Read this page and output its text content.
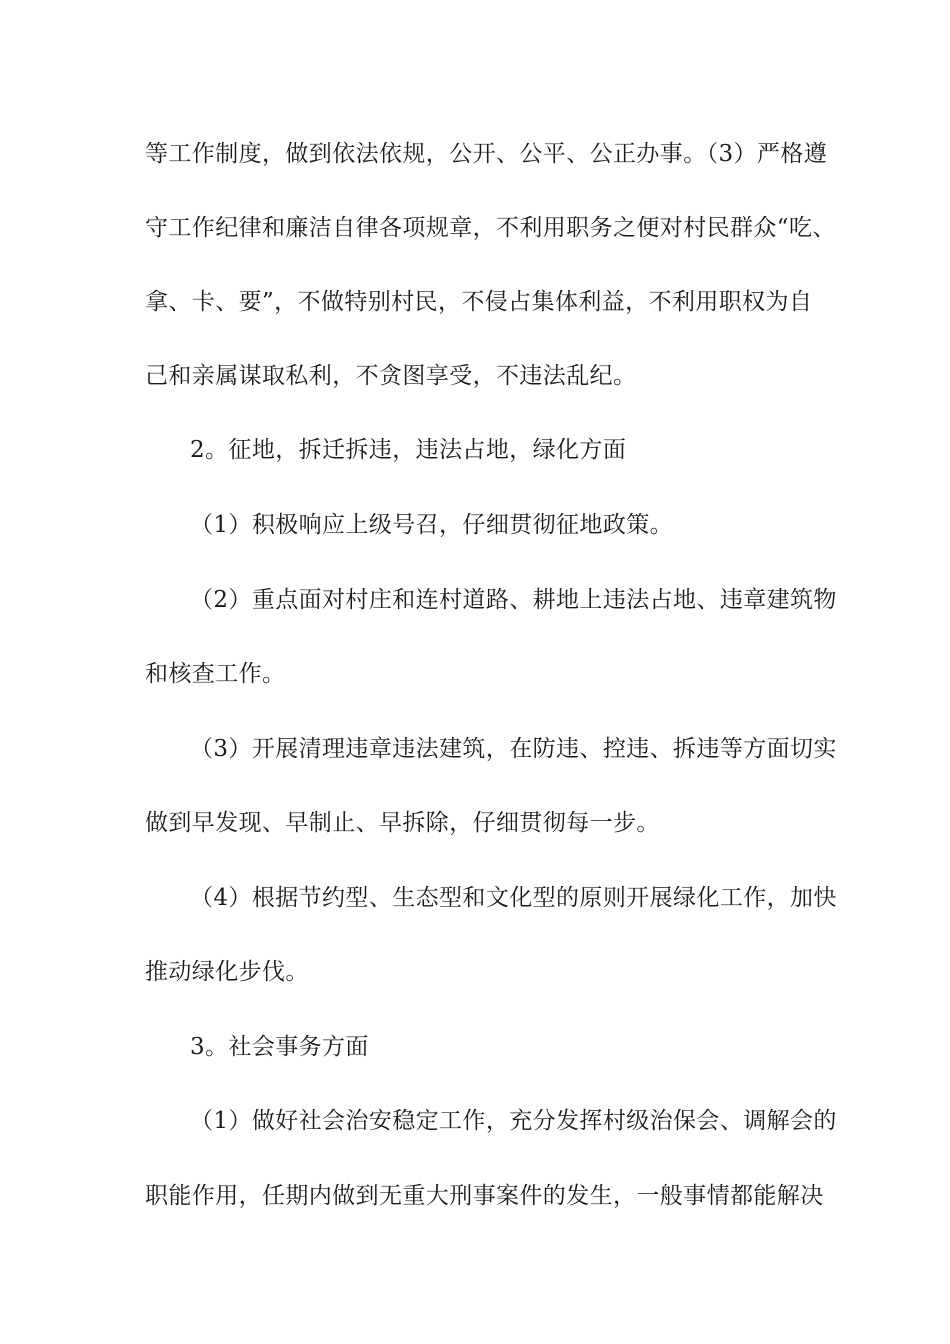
等工作制度，做到依法依规，公开、公平、公正办事。（3）严格遵
守工作纪律和廉洁自律各项规章，不利用职务之便对村民群众“吃、
拿、卡、要”，不做特别村民，不侵占集体利益，不利用职权为自
己和亲属谋取私利，不贪图享受，不违法乱纪。
2。征地，拆迁拆违，违法占地，绿化方面
（1）积极响应上级号召，仔细贯彻征地政策。
（2）重点面对村庄和连村道路、耕地上违法占地、违章建筑物
和核查工作。
（3）开展清理违章违法建筑，在防违、控违、拆违等方面切实
做到早发现、早制止、早拆除，仔细贯彻每一步。
（4）根据节约型、生态型和文化型的原则开展绿化工作，加快
推动绿化步伐。
3。社会事务方面
（1）做好社会治安稳定工作，充分发挥村级治保会、调解会的
职能作用，任期内做到无重大刑事案件的发生，一般事情都能解决
